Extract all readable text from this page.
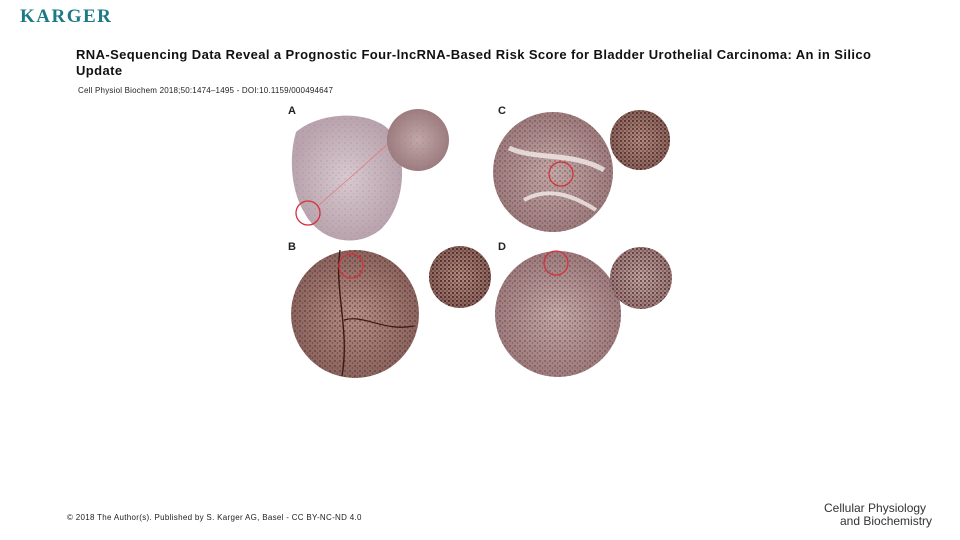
KARGER
RNA-Sequencing Data Reveal a Prognostic Four-lncRNA-Based Risk Score for Bladder Urothelial Carcinoma: An in Silico Update
Cell Physiol Biochem 2018;50:1474–1495 - DOI:10.1159/000494647
A	C
B	D
© 2018 The Author(s). Published by S. Karger AG, Basel - CC BY-NC-ND 4.0
Cellular Physiology
and Biochemistry
